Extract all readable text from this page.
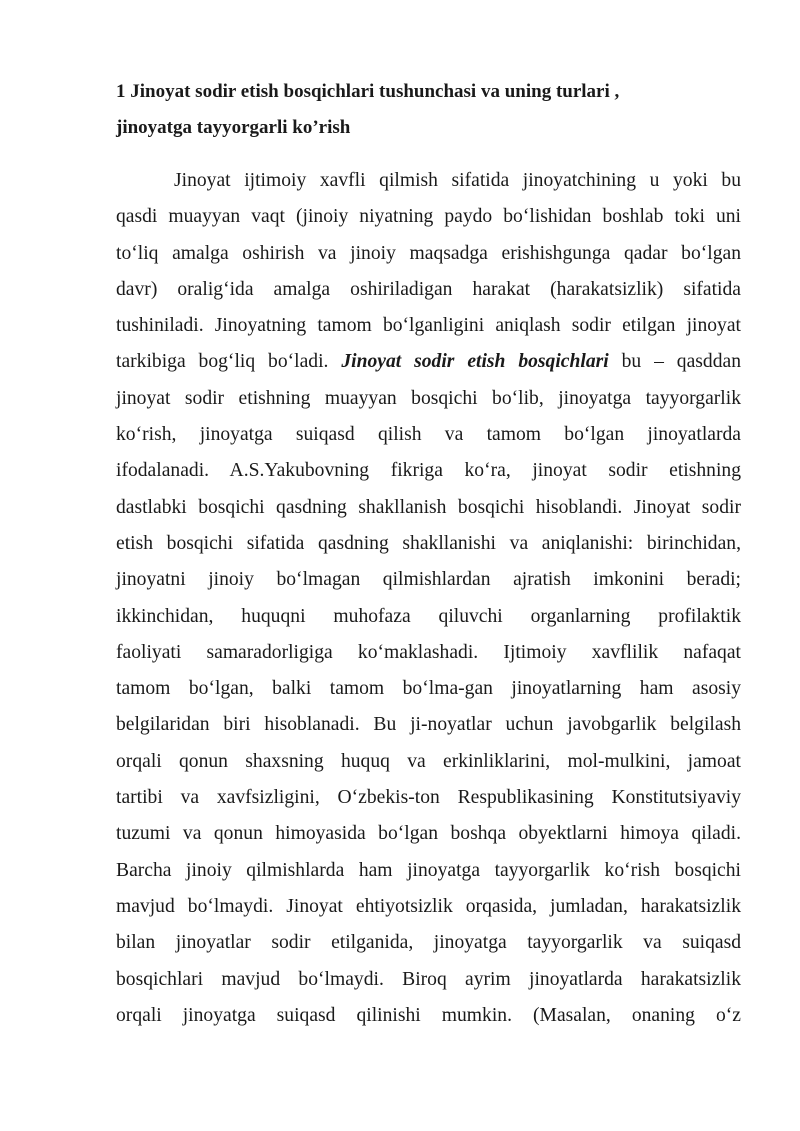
1 Jinoyat sodir etish bosqichlari tushunchasi va uning turlari ,
jinoyatga tayyorgarli ko’rish
Jinoyat ijtimoiy xavfli qilmish sifatida jinoyatchining u yoki bu
qasdi muayyan vaqt (jinoiy niyatning paydo bo‘lishidan boshlab toki uni
to‘liq amalga oshirish va jinoiy maqsadga erishishgunga qadar bo‘lgan
davr) oralig‘ida amalga oshiriladigan harakat (harakatsizlik) sifatida
tushiniladi. Jinoyatning tamom bo‘lganligini aniqlash sodir etilgan jinoyat
tarkibiga bog‘liq bo‘ladi. Jinoyat sodir etish bosqichlari bu – qasddan
jinoyat sodir etishning muayyan bosqichi bo‘lib, jinoyatga tayyorgarlik
ko‘rish, jinoyatga suiqasd qilish va tamom bo‘lgan jinoyatlarda
ifodalanadi. A.S.Yakubovning fikriga ko‘ra, jinoyat sodir etishning
dastlabki bosqichi qasdning shakllanish bosqichi hisoblandi. Jinoyat sodir
etish bosqichi sifatida qasdning shakllanishi va aniqlanishi: birinchidan,
jinoyatni jinoiy bo‘lmagan qilmishlardan ajratish imkonini beradi;
ikkinchidan, huquqni muhofaza qiluvchi organlarning profilaktik
faoliyati samaradorligiga ko‘maklashadi. Ijtimoiy xavflilik nafaqat
tamom bo‘lgan, balki tamom bo‘lma-gan jinoyatlarning ham asosiy
belgilaridan biri hisoblanadi. Bu ji-noyatlar uchun javobgarlik belgilash
orqali qonun shaxsning huquq va erkinliklarini, mol-mulkini, jamoat
tartibi va xavfsizligini, O‘zbekis-ton Respublikasining Konstitutsiyaviy
tuzumi va qonun himoyasida bo‘lgan boshqa obyektlarni himoya qiladi.
Barcha jinoiy qilmishlarda ham jinoyatga tayyorgarlik ko‘rish bosqichi
mavjud bo‘lmaydi. Jinoyat ehtiyotsizlik orqasida, jumladan, harakatsizlik
bilan jinoyatlar sodir etilganida, jinoyatga tayyorgarlik va suiqasd
bosqichlari mavjud bo‘lmaydi. Biroq ayrim jinoyatlarda harakatsizlik
orqali jinoyatga suiqasd qilinishi mumkin. (Masalan, onaning o‘z
